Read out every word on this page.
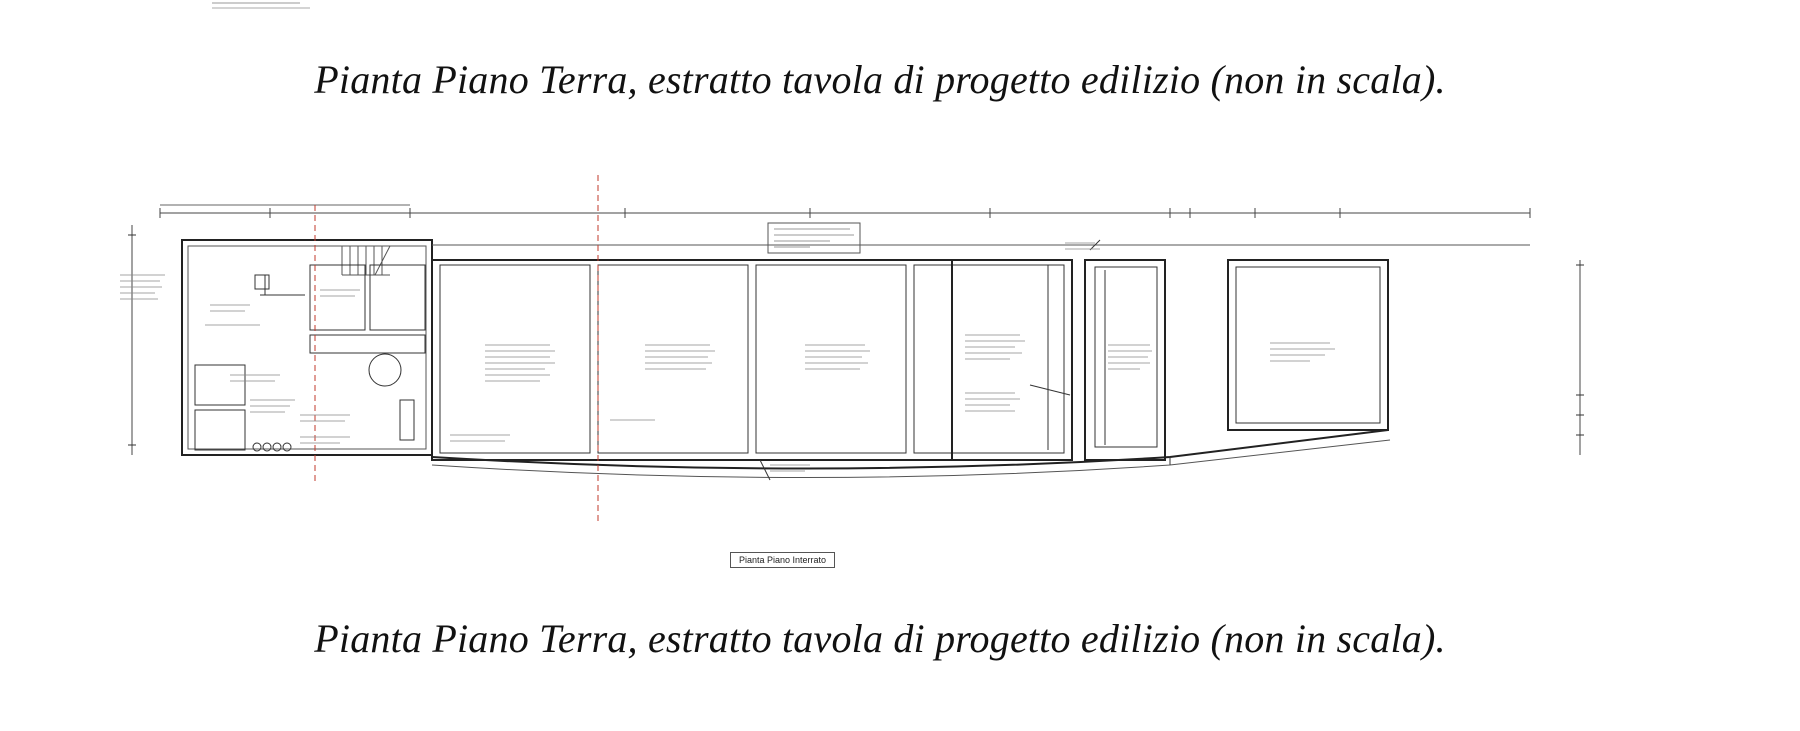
Pianta Piano Terra, estratto tavola di progetto edilizio (non in scala).
Pianta Piano Interrato
Pianta Piano Terra, estratto tavola di progetto edilizio (non in scala).
